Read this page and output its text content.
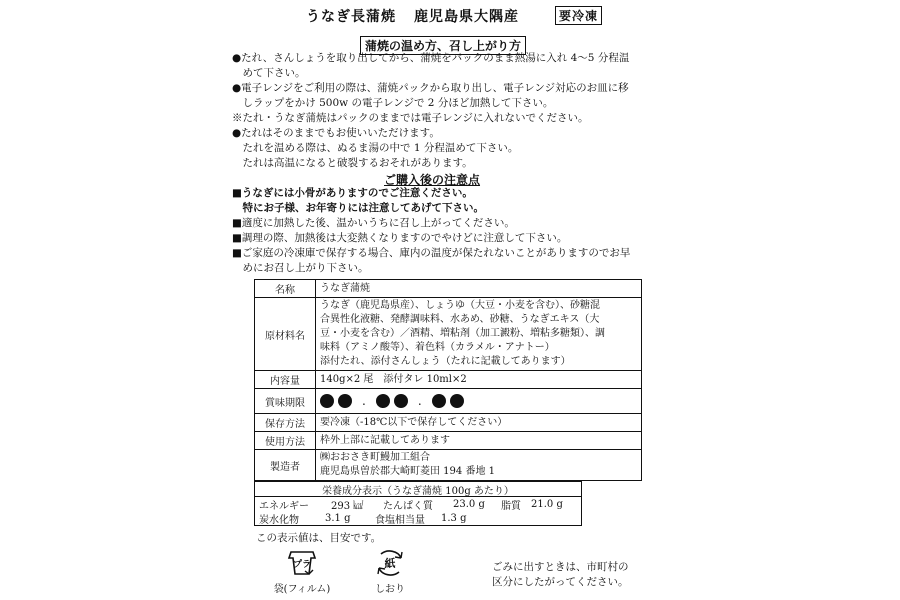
うなぎ長蒲焼 鹿児島県大隅産	要冷凍
蒲焼の温め方、召し上がり方
●たれ、さんしょうを取り出してから、蒲焼をパックのまま熱湯に入れ 4〜5 分程温
　めて下さい。
●電子レンジをご利用の際は、蒲焼パックから取り出し、電子レンジ対応のお皿に移
　しラップをかけ 500w の電子レンジで 2 分ほど加熱して下さい。
※たれ・うなぎ蒲焼はパックのままでは電子レンジに入れないでください。
●たれはそのままでもお使いいただけます。
　たれを温める際は、ぬるま湯の中で 1 分程温めて下さい。
　たれは高温になると破裂するおそれがあります。
ご購入後の注意点
■うなぎには小骨がありますのでご注意ください。
　特にお子様、お年寄りには注意してあげて下さい。
■適度に加熱した後、温かいうちに召し上がってください。
■調理の際、加熱後は大変熱くなりますのでやけどに注意して下さい。
■ご家庭の冷凍庫で保存する場合、庫内の温度が保たれないことがありますのでお早
　めにお召し上がり下さい。
名称	うなぎ蒲焼
原材料名	うなぎ（鹿児島県産）、しょうゆ（大豆・小麦を含む）、砂糖混
合異性化液糖、発酵調味料、水あめ、砂糖、うなぎエキス（大
豆・小麦を含む）／酒精、増粘剤（加工澱粉、増粘多糖類）、調
味料（アミノ酸等）、着色料（カラメル・アナトー）
添付たれ、添付さんしょう（たれに記載してあります）
内容量	140g×2 尾　添付タレ 10ml×2
賞味期限	. .

保存方法	要冷凍（-18℃以下で保存してください）
使用方法	枠外上部に記載してあります
製造者	㈱おおさき町鰻加工組合
鹿児島県曽於郡大崎町菱田 194 番地 1
栄養成分表示（うなぎ蒲焼 100g あたり）
エネルギー	293 ㎉	たんぱく質	23.0 g	脂質	21.0 g
炭水化物	3.1 g	食塩相当量	1.3 g
この表示値は、目安です。
プラ
袋(フィルム)
紙
しおり
ごみに出すときは、市町村の
区分にしたがってください。
